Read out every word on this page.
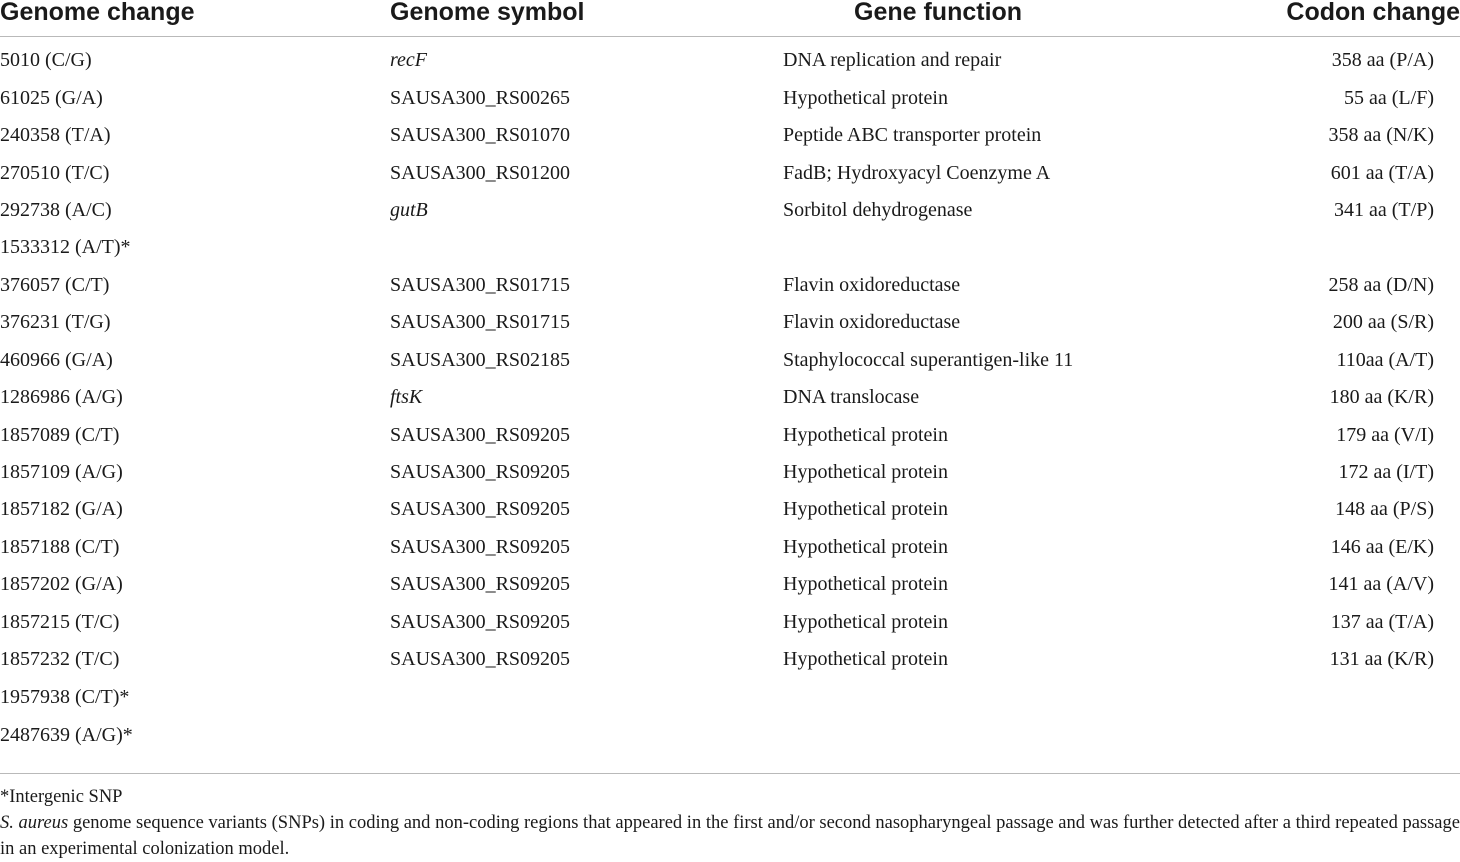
Genome change	Genome symbol	Gene function	Codon change
5010 (C/G)	recF	DNA replication and repair	358 aa (P/A)
61025 (G/A)	SAUSA300_RS00265	Hypothetical protein	55 aa (L/F)
240358 (T/A)	SAUSA300_RS01070	Peptide ABC transporter protein	358 aa (N/K)
270510 (T/C)	SAUSA300_RS01200	FadB; Hydroxyacyl Coenzyme A	601 aa (T/A)
292738 (A/C)	gutB	Sorbitol dehydrogenase	341 aa (T/P)
1533312 (A/T)*			
376057 (C/T)	SAUSA300_RS01715	Flavin oxidoreductase	258 aa (D/N)
376231 (T/G)	SAUSA300_RS01715	Flavin oxidoreductase	200 aa (S/R)
460966 (G/A)	SAUSA300_RS02185	Staphylococcal superantigen-like 11	110aa (A/T)
1286986 (A/G)	ftsK	DNA translocase	180 aa (K/R)
1857089 (C/T)	SAUSA300_RS09205	Hypothetical protein	179 aa (V/I)
1857109 (A/G)	SAUSA300_RS09205	Hypothetical protein	172 aa (I/T)
1857182 (G/A)	SAUSA300_RS09205	Hypothetical protein	148 aa (P/S)
1857188 (C/T)	SAUSA300_RS09205	Hypothetical protein	146 aa (E/K)
1857202 (G/A)	SAUSA300_RS09205	Hypothetical protein	141 aa (A/V)
1857215 (T/C)	SAUSA300_RS09205	Hypothetical protein	137 aa (T/A)
1857232 (T/C)	SAUSA300_RS09205	Hypothetical protein	131 aa (K/R)
1957938 (C/T)*			
2487639 (A/G)*			
*Intergenic SNP
S. aureus genome sequence variants (SNPs) in coding and non-coding regions that appeared in the first and/or second nasopharyngeal passage and was further detected after a third repeated passage in an experimental colonization model.
